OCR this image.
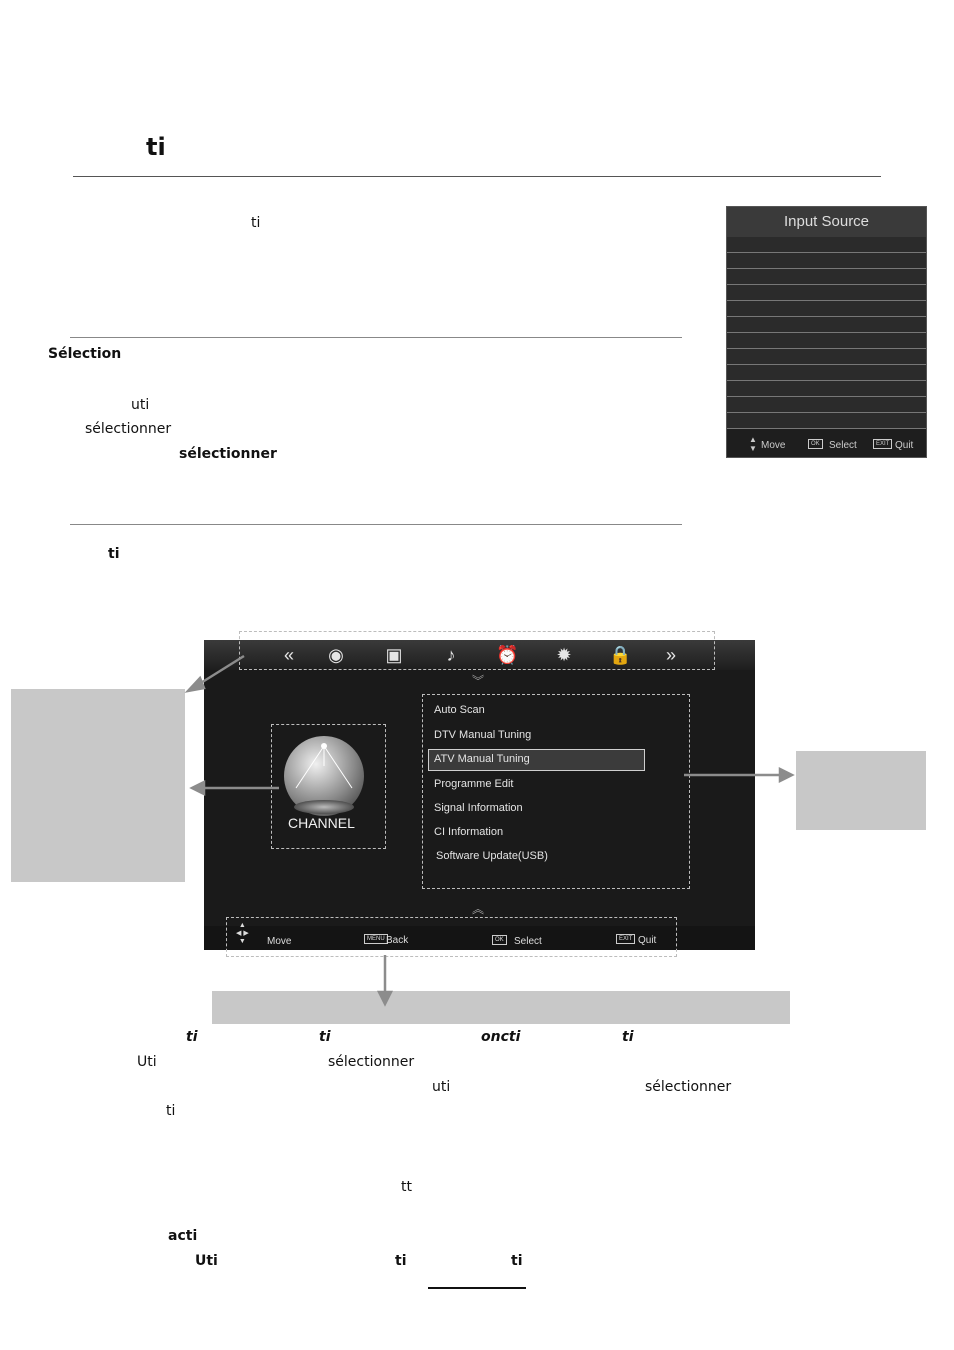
ti
ti
Sélection
uti
sélectionner
sélectionner
ti
Input Source
▲
▼ Move	OK Select	EXIT Quit
«	◉ ▣	♪	⏰ ✹ 🔒	»
︾
︽
CHANNEL
Auto Scan
DTV Manual Tuning
ATV Manual Tuning
Programme Edit
Signal Information
CI Information
Software Update(USB)
▲
◀ ▶
▼ Move	MENU Back	OK	Select	EXIT Quit
ti	ti	oncti	ti
Uti	sélectionner
uti	sélectionner
ti
tt
acti
Uti	ti	ti
